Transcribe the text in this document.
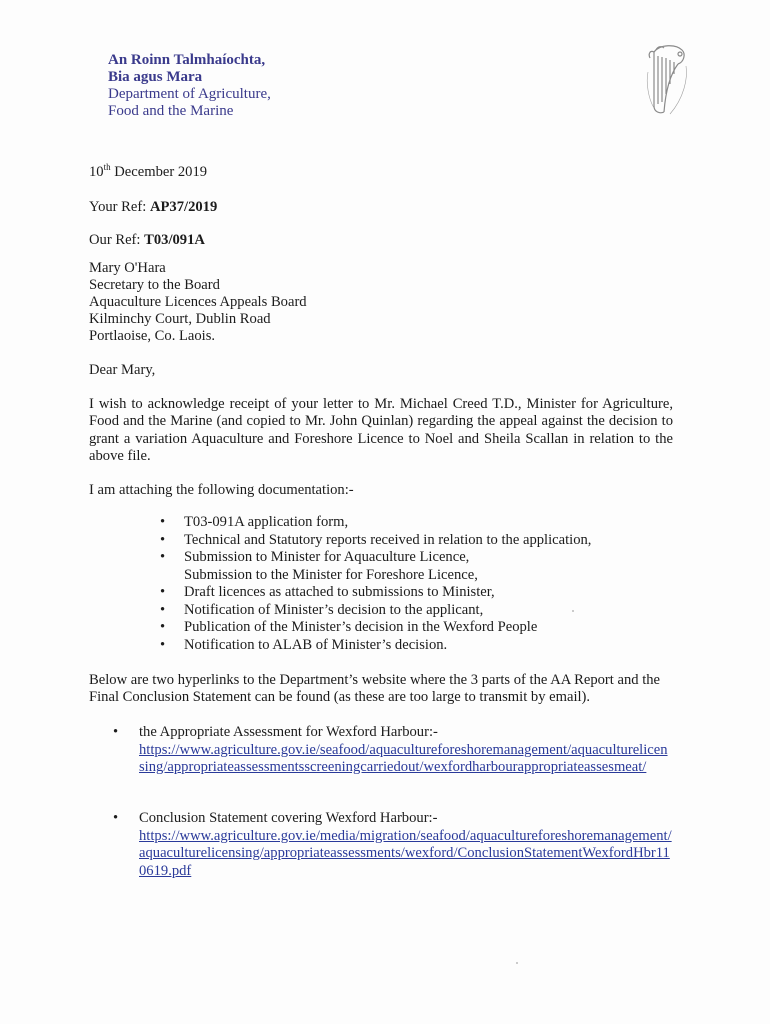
An Roinn Talmhaíochta,
Bia agus Mara
Department of Agriculture,
Food and the Marine
10th December 2019
Your Ref: AP37/2019
Our Ref: T03/091A
Mary O'Hara
Secretary to the Board
Aquaculture Licences Appeals Board
Kilminchy Court, Dublin Road
Portlaoise, Co. Laois.
Dear Mary,
I wish to acknowledge receipt of your letter to Mr. Michael Creed T.D., Minister for Agriculture, Food and the Marine (and copied to Mr. John Quinlan) regarding the appeal against the decision to grant a variation Aquaculture and Foreshore Licence to Noel and Sheila Scallan in relation to the above file.
I am attaching the following documentation:-
• T03-091A application form,
• Technical and Statutory reports received in relation to the application,
• Submission to Minister for Aquaculture Licence,
Submission to the Minister for Foreshore Licence,
• Draft licences as attached to submissions to Minister,
• Notification of Minister’s decision to the applicant,
• Publication of the Minister’s decision in the Wexford People
• Notification to ALAB of Minister’s decision.
Below are two hyperlinks to the Department’s website where the 3 parts of the AA Report and the Final Conclusion Statement can be found (as these are too large to transmit by email).
• the Appropriate Assessment for Wexford Harbour:-
https://www.agriculture.gov.ie/seafood/aquacultureforeshoremanagement/aquaculturelicensing/appropriateassessmentsscreeningcarriedout/wexfordharbourappropriateassesmeat/
• Conclusion Statement covering Wexford Harbour:-
https://www.agriculture.gov.ie/media/migration/seafood/aquacultureforeshoremanagement/aquaculturelicensing/appropriateassessments/wexford/ConclusionStatementWexfordHbr110619.pdf
